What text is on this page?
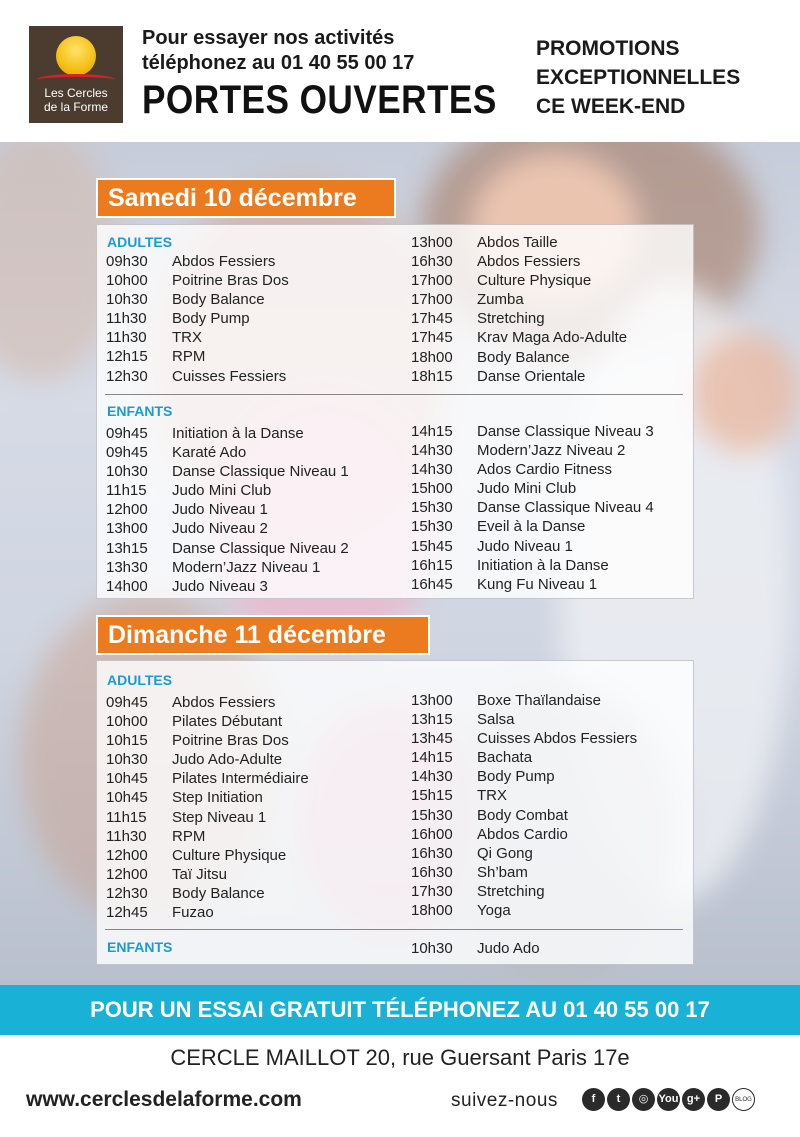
Les Cercles
de la Forme
Pour essayer nos activités
téléphonez au 01 40 55 00 17
PORTES OUVERTES
PROMOTIONS
EXCEPTIONNELLES
CE WEEK-END
Samedi 10 décembre
ADULTES
09h30 Abdos Fessiers
10h00 Poitrine Bras Dos
10h30 Body Balance
11h30 Body Pump
11h30 TRX
12h15 RPM
12h30 Cuisses Fessiers
13h00 Abdos Taille
16h30 Abdos Fessiers
17h00 Culture Physique
17h00 Zumba
17h45 Stretching
17h45 Krav Maga Ado-Adulte
18h00 Body Balance
18h15 Danse Orientale
ENFANTS
09h45 Initiation à la Danse
09h45 Karaté Ado
10h30 Danse Classique Niveau 1
11h15 Judo Mini Club
12h00 Judo Niveau 1
13h00 Judo Niveau 2
13h15 Danse Classique Niveau 2
13h30 Modern’Jazz Niveau 1
14h00 Judo Niveau 3
14h15 Danse Classique Niveau 3
14h30 Modern’Jazz Niveau 2
14h30 Ados Cardio Fitness
15h00 Judo Mini Club
15h30 Danse Classique Niveau 4
15h30 Eveil à la Danse
15h45 Judo Niveau 1
16h15 Initiation à la Danse
16h45 Kung Fu Niveau 1
Dimanche 11 décembre
ADULTES
09h45 Abdos Fessiers
10h00 Pilates Débutant
10h15 Poitrine Bras Dos
10h30 Judo Ado-Adulte
10h45 Pilates Intermédiaire
10h45 Step Initiation
11h15 Step Niveau 1
11h30 RPM
12h00 Culture Physique
12h00 Taï Jitsu
12h30 Body Balance
12h45 Fuzao
13h00 Boxe Thaïlandaise
13h15 Salsa
13h45 Cuisses Abdos Fessiers
14h15 Bachata
14h30 Body Pump
15h15 TRX
15h30 Body Combat
16h00 Abdos Cardio
16h30 Qi Gong
16h30 Sh’bam
17h30 Stretching
18h00 Yoga
ENFANTS	10h30 Judo Ado
POUR UN ESSAI GRATUIT TÉLÉPHONEZ AU 01 40 55 00 17
CERCLE MAILLOT 20, rue Guersant Paris 17e
www.cerclesdelaforme.com	suivez-nous	f	t	◎ You g+	P	BLOG
